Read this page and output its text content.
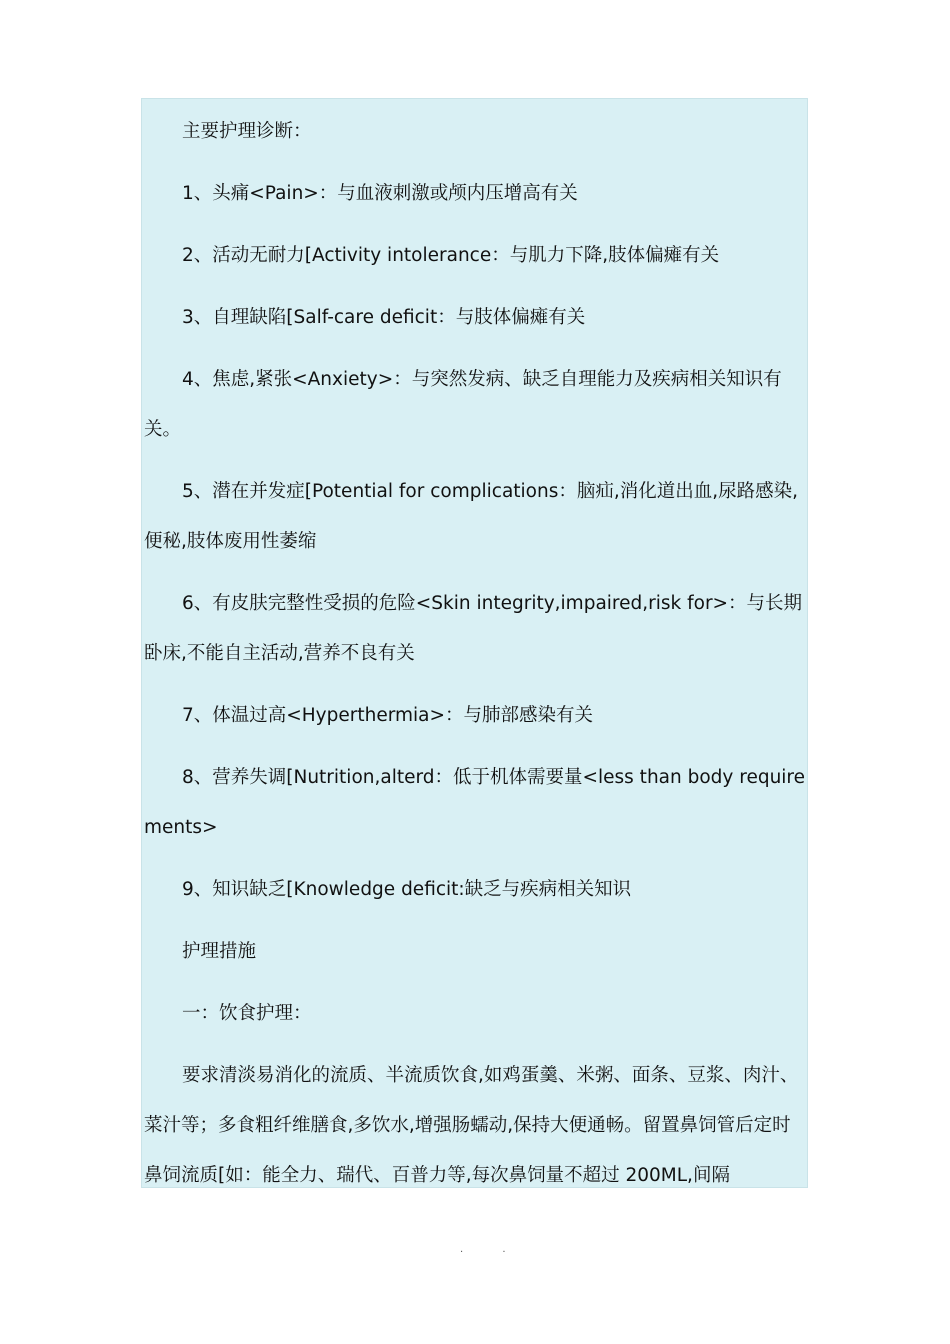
主要护理诊断：

1、头痛<Pain>：与血液刺激或颅内压增高有关

2、活动无耐力[Activity intolerance：与肌力下降,肢体偏瘫有关

3、自理缺陷[Salf-care deficit：与肢体偏瘫有关

4、焦虑,紧张<Anxiety>：与突然发病、缺乏自理能力及疾病相关知识有关。

5、潜在并发症[Potential for complications：脑疝,消化道出血,尿路感染,便秘,肢体废用性萎缩

6、有皮肤完整性受损的危险<Skin integrity,impaired,risk for>：与长期卧床,不能自主活动,营养不良有关

7、体温过高<Hyperthermia>：与肺部感染有关

8、营养失调[Nutrition,alterd：低于机体需要量<less than body requirements>

9、知识缺乏[Knowledge deficit:缺乏与疾病相关知识

护理措施

一：饮食护理：

要求清淡易消化的流质、半流质饮食,如鸡蛋羹、米粥、面条、豆浆、肉汁、菜汁等；多食粗纤维膳食,多饮水,增强肠蠕动,保持大便通畅。留置鼻饲管后定时鼻饲流质[如：能全力、瑞代、百普力等,每次鼻饲量不超过 200ML,间隔

. .
